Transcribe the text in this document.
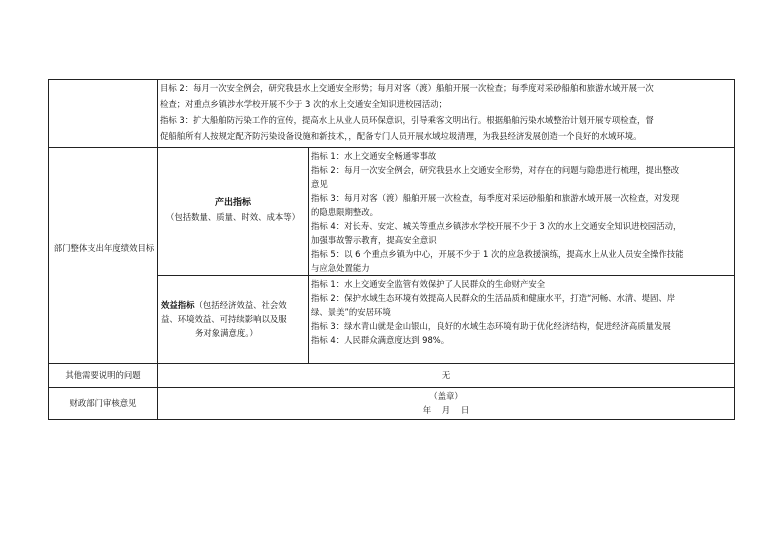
目标 2：每月一次安全例会，研究我县水上交通安全形势；每月对客（渡）船舶开展一次检查；每季度对采砂船舶和旅游水域开展一次
检查；对重点乡镇涉水学校开展不少于 3 次的水上交通安全知识进校园活动；
指标 3：扩大船舶防污染工作的宣传，提高水上从业人员环保意识，引导乘客文明出行。根据船舶污染水域整治计划开展专项检查，督
促船舶所有人按规定配齐防污染设备设施和新技术，，配备专门人员开展水域垃圾清理，为我县经济发展创造一个良好的水域环境。
部门整体支出年度绩效目标
产出指标
（包括数量、质量、时效、成本等）
指标 1：水上交通安全畅通零事故
指标 2：每月一次安全例会，研究我县水上交通安全形势，对存在的问题与隐患进行梳理，提出整改
意见
指标 3：每月对客（渡）船舶开展一次检查，每季度对采运砂船舶和旅游水域开展一次检查，对发现
的隐患限期整改。
指标 4：对长寿、安定、城关等重点乡镇涉水学校开展不少于 3 次的水上交通安全知识进校园活动，
加强事故警示教育，提高安全意识
指标 5：以 6 个重点乡镇为中心，开展不少于 1 次的应急救援演练，提高水上从业人员安全操作技能
与应急处置能力
效益指标（包括经济效益、社会效
益、环境效益、可持续影响以及服
务对象满意度。）
指标 1：水上交通安全监管有效保护了人民群众的生命财产安全
指标 2：保护水域生态环境有效提高人民群众的生活品质和健康水平，打造“河畅、水清、堤固、岸
绿、景美”的安居环境
指标 3：绿水青山就是金山银山，良好的水域生态环境有助于优化经济结构，促进经济高质量发展
指标 4：人民群众满意度达到 98%。
其他需要说明的问题	无
财政部门审核意见
（盖章）
年    月    日
